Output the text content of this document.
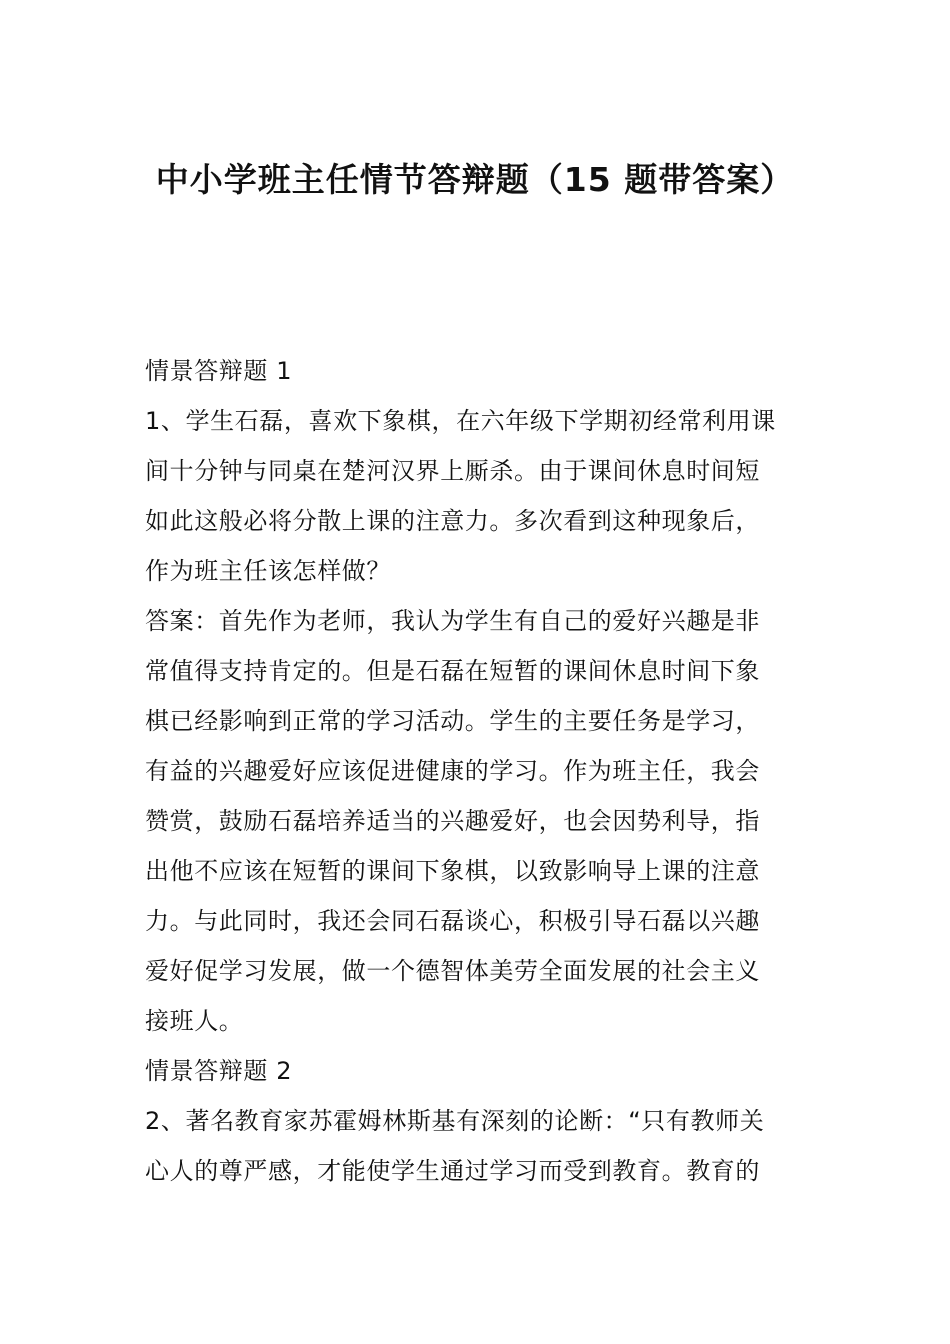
中小学班主任情节答辩题（15 题带答案）

情景答辩题 1

1、学生石磊，喜欢下象棋，在六年级下学期初经常利用课

间十分钟与同桌在楚河汉界上厮杀。由于课间休息时间短

如此这般必将分散上课的注意力。多次看到这种现象后，

作为班主任该怎样做？

答案：首先作为老师，我认为学生有自己的爱好兴趣是非

常值得支持肯定的。但是石磊在短暂的课间休息时间下象

棋已经影响到正常的学习活动。学生的主要任务是学习，

有益的兴趣爱好应该促进健康的学习。作为班主任，我会

赞赏，鼓励石磊培养适当的兴趣爱好，也会因势利导，指

出他不应该在短暂的课间下象棋，以致影响导上课的注意

力。与此同时，我还会同石磊谈心，积极引导石磊以兴趣

爱好促学习发展，做一个德智体美劳全面发展的社会主义

接班人。

情景答辩题 2

2、著名教育家苏霍姆林斯基有深刻的论断：“只有教师关

心人的尊严感，才能使学生通过学习而受到教育。教育的
